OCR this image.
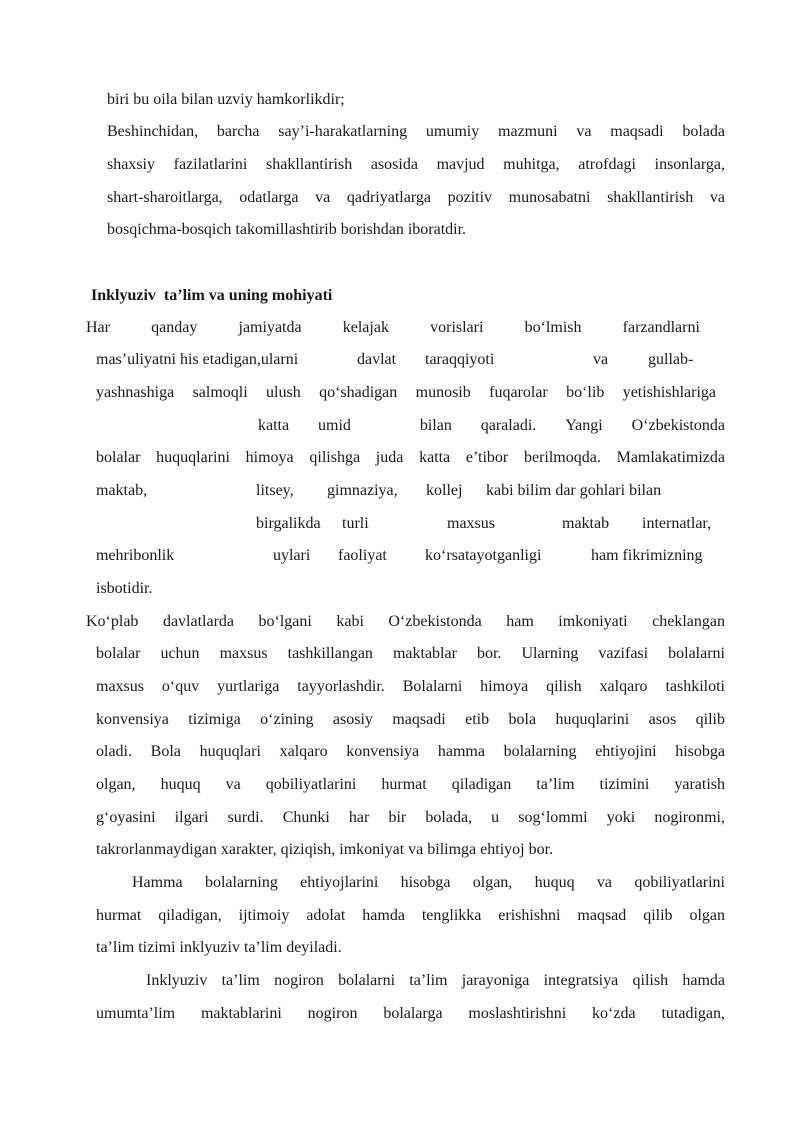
biri bu oila bilan uzviy hamkorlikdir;
Beshinchidan, barcha say’i-harakatlarning umumiy mazmuni va maqsadi bolada
shaxsiy fazilatlarini shakllantirish asosida mavjud muhitga, atrofdagi insonlarga,
shart-sharoitlarga, odatlarga va qadriyatlarga pozitiv munosabatni shakllantirish va
bosqichma-bosqich takomillashtirib borishdan iboratdir.
Inklyuziv  ta’lim va uning mohiyati
Har	qanday	jamiyatda	kelajak	vorislari	bo‘lmish	farzandlarni
mas’uliyatni his etadigan,ularni	davlat taraqqiyoti	va gullab-
yashnashiga salmoqli ulush qo‘shadigan munosib fuqarolar bo‘lib yetishishlariga
katta umid	bilan qaraladi. Yangi O‘zbekistonda
bolalar huquqlarini himoya qilishga juda katta e’tibor berilmoqda. Mamlakatimizda
maktab,	litsey, gimnaziya, kollej kabi bilim dar gohlari bilan
birgalikda turli	maxsus	maktab internatlar,
mehribonlik	uylari faoliyat ko‘rsatayotganligi	ham fikrimizning
isbotidir.
Ko‘plab davlatlarda bo‘lgani kabi O‘zbekistonda ham imkoniyati cheklangan
bolalar uchun maxsus tashkillangan maktablar bor. Ularning vazifasi bolalarni
maxsus o‘quv yurtlariga tayyorlashdir. Bolalarni himoya qilish xalqaro tashkiloti
konvensiya tizimiga o‘zining asosiy maqsadi etib bola huquqlarini asos qilib
oladi. Bola huquqlari xalqaro konvensiya hamma bolalarning ehtiyojini hisobga
olgan, huquq va qobiliyatlarini hurmat qiladigan ta’lim tizimini yaratish
g‘oyasini ilgari surdi. Chunki har bir bolada, u sog‘lommi yoki nogironmi,
takrorlanmaydigan xarakter, qiziqish, imkoniyat va bilimga ehtiyoj bor.
Hamma bolalarning ehtiyojlarini hisobga olgan, huquq va qobiliyatlarini
hurmat qiladigan, ijtimoiy adolat hamda tenglikka erishishni maqsad qilib olgan
ta’lim tizimi inklyuziv ta’lim deyiladi.
Inklyuziv ta’lim nogiron bolalarni ta’lim jarayoniga integratsiya qilish hamda
umumta’lim maktablarini nogiron bolalarga moslashtirishni ko‘zda tutadigan,
